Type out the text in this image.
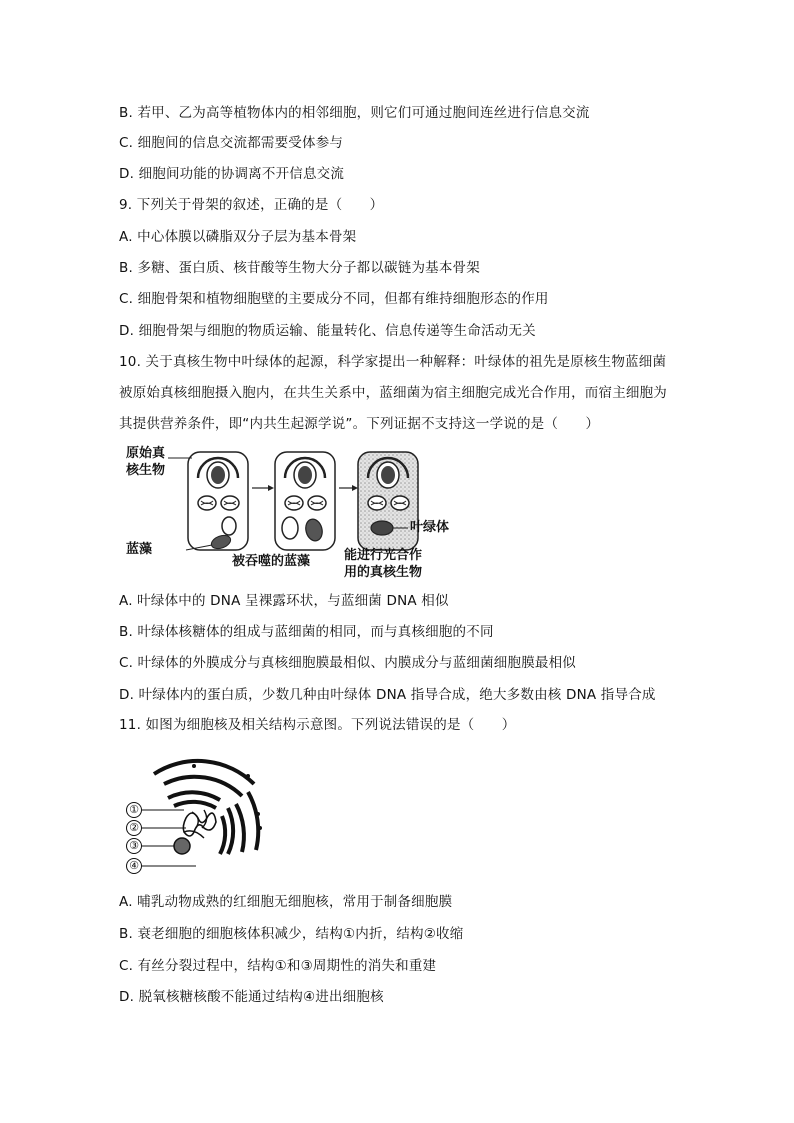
B. 若甲、乙为高等植物体内的相邻细胞，则它们可通过胞间连丝进行信息交流
C. 细胞间的信息交流都需要受体参与
D. 细胞间功能的协调离不开信息交流
9. 下列关于骨架的叙述，正确的是（　　）
A. 中心体膜以磷脂双分子层为基本骨架
B. 多糖、蛋白质、核苷酸等生物大分子都以碳链为基本骨架
C. 细胞骨架和植物细胞壁的主要成分不同，但都有维持细胞形态的作用
D. 细胞骨架与细胞的物质运输、能量转化、信息传递等生命活动无关
10. 关于真核生物中叶绿体的起源，科学家提出一种解释：叶绿体的祖先是原核生物蓝细菌
被原始真核细胞摄入胞内，在共生关系中，蓝细菌为宿主细胞完成光合作用，而宿主细胞为
其提供营养条件，即“内共生起源学说”。下列证据不支持这一学说的是（　　）
原始真
核生物
蓝藻
被吞噬的蓝藻
叶绿体
能进行光合作
用的真核生物
A. 叶绿体中的 DNA 呈裸露环状，与蓝细菌 DNA 相似
B. 叶绿体核糖体的组成与蓝细菌的相同，而与真核细胞的不同
C. 叶绿体的外膜成分与真核细胞膜最相似、内膜成分与蓝细菌细胞膜最相似
D. 叶绿体内的蛋白质，少数几种由叶绿体 DNA 指导合成，绝大多数由核 DNA 指导合成
11. 如图为细胞核及相关结构示意图。下列说法错误的是（　　）
①
②
③
④
A. 哺乳动物成熟的红细胞无细胞核，常用于制备细胞膜
B. 衰老细胞的细胞核体积减少，结构①内折，结构②收缩
C. 有丝分裂过程中，结构①和③周期性的消失和重建
D. 脱氧核糖核酸不能通过结构④进出细胞核
